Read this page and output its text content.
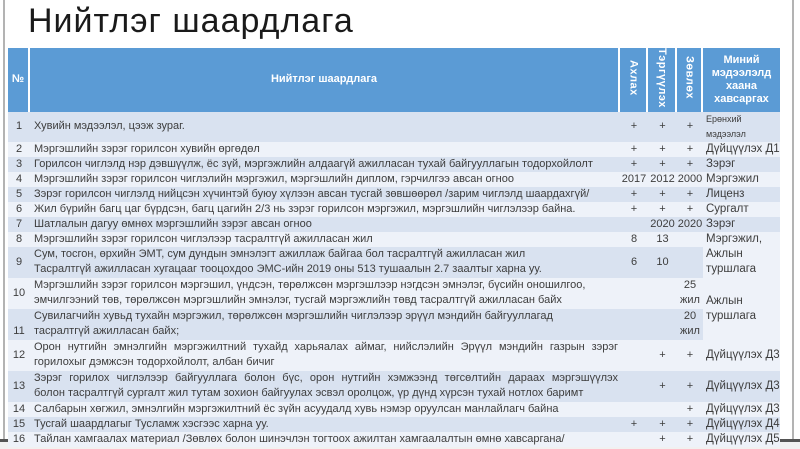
Нийтлэг шаардлага
№	Нийтлэг шаардлага	Ахлах	Тэргүүлэх	Зөвлөх	Миний мэдээлэлд хаана хавсаргах
1	Хувийн мэдээлэл, цээж зураг.	+	+	+	Ерөнхий мэдээлэл
2	Мэргэшлийн зэрэг горилсон хувийн өргөдөл	+	+	+	Дүйцүүлэх Д1
3	Горилсон чиглэлд нэр дэвшүүлж, ёс зүй, мэргэжлийн алдаагүй ажилласан тухай байгууллагын тодорхойлолт	+	+	+	Зэрэг
4	Мэргэшлийн зэрэг горилсон чиглэлийн мэргэжил, мэргэшлийн диплом, гэрчилгээ авсан огноо	2017	2012	2000	Мэргэжил
5	Зэрэг горилсон чиглэлд нийцсэн хүчинтэй буюу хүлээн авсан тусгай зөвшөөрөл /зарим чиглэлд шаардахгүй/	+	+	+	Лиценз
6	Жил бүрийн багц цаг бүрдсэн, багц цагийн 2/3 нь зэрэг горилсон мэргэжил, мэргэшлийн чиглэлээр байна.	+	+	+	Сургалт
7	Шатлалын дагуу өмнөх мэргэшлийн зэрэг авсан огноо		2020	2020	Зэрэг
8	Мэргэшлийн зэрэг горилсон чиглэлээр тасралтгүй ажилласан жил	8	13		Мэргэжил, Ажлын туршлага
9	Сум, тосгон, өрхийн ЭМТ, сум дундын эмнэлэгт ажиллаж байгаа бол тасралтгүй ажилласан жил
Тасралтгүй ажилласан хугацааг тооцохдоо ЭМС-ийн 2019 оны 513 тушаалын 2.7 заалтыг харна уу.	6	10		
10	Мэргэшлийн зэрэг горилсон мэргэшил, үндсэн, төрөлжсөн мэргэшлээр нэгдсэн эмнэлэг, бүсийн оношилгоо,
эмчилгээний төв, төрөлжсөн мэргэшлийн эмнэлэг, тусгай мэргэжлийн төвд тасралтгүй ажилласан байх			25 жил	Ажлын туршлага
11	Сувилагчийн хувьд тухайн мэргэжил, төрөлжсөн мэргэшлийн чиглэлээр эрүүл мэндийн байгууллагад
тасралтгүй ажилласан байх;			20 жил	
12	Орон нутгийн эмнэлгийн мэргэжилтний тухайд харьяалах аймаг, нийслэлийн Эрүүл мэндийн газрын зэрэг
горилохыг дэмжсэн тодорхойлолт, албан бичиг		+	+	Дүйцүүлэх Д3
13	Зэрэг горилох чиглэлээр байгууллага болон бүс, орон нутгийн хэмжээнд төгсөлтийн дараах мэргэшүүлэх
болон тасралтгүй сургалт жил тутам зохион байгуулах эсвэл оролцож, үр дүнд хүрсэн тухай нотлох баримт		+	+	Дүйцүүлэх Д3
14	Салбарын хөгжил, эмнэлгийн мэргэжилтний ёс зүйн асуудалд хувь нэмэр оруулсан манлайлагч байна			+	Дүйцүүлэх Д3
15	Тусгай шаардлагыг Тусламж хэсгээс харна уу.	+	+	+	Дүйцүүлэх Д4
16	Тайлан хамгаалах материал /Зөвлөх болон шинэчлэн тогтоох ажилтан хамгаалалтын өмнө хавсаргана/		+	+	Дүйцүүлэх Д5
